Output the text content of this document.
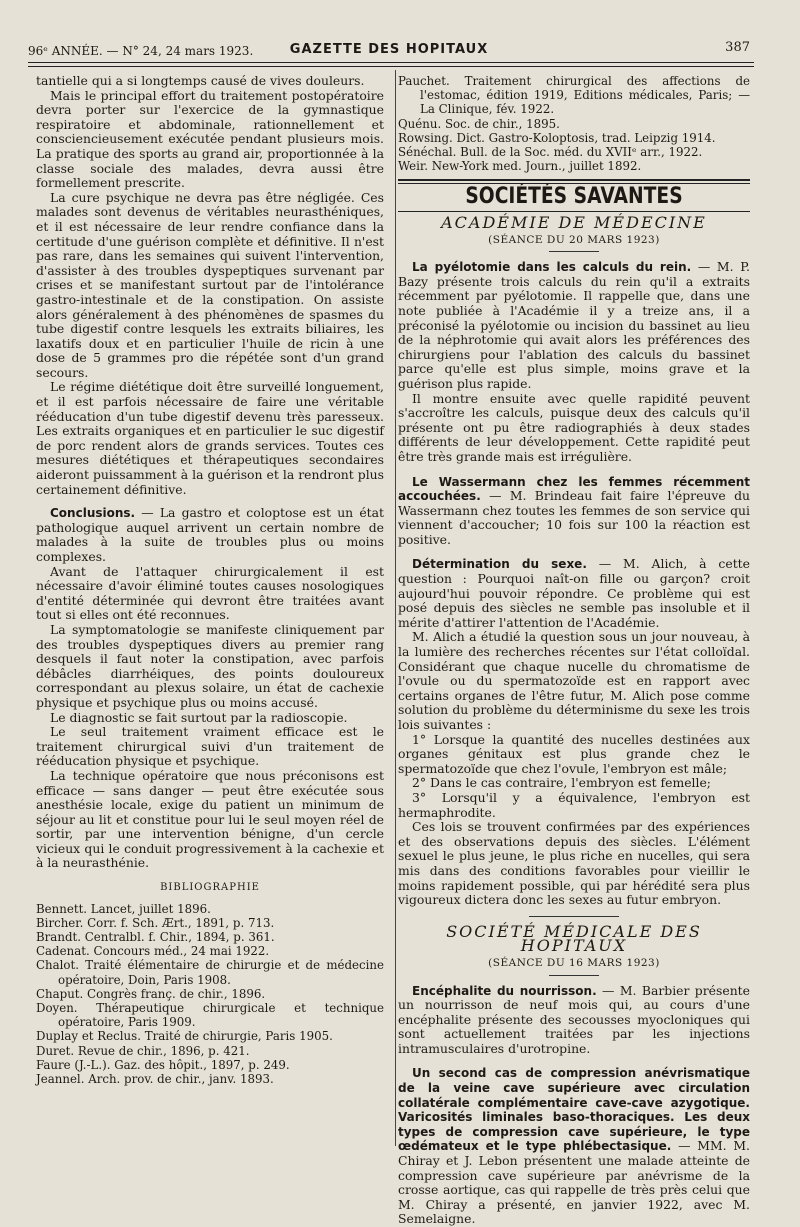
96ᵉ ANNÉE. — N° 24, 24 mars 1923.	GAZETTE DES HOPITAUX	387

tantielle qui a si longtemps causé de vives douleurs.

Mais le principal effort du traitement postopératoire devra porter sur l'exercice de la gymnastique respiratoire et abdominale, rationnellement et consciencieusement exécutée pendant plusieurs mois. La pratique des sports au grand air, proportionnée à la classe sociale des malades, devra aussi être formellement prescrite.

La cure psychique ne devra pas être négligée. Ces malades sont devenus de véritables neurasthéniques, et il est nécessaire de leur rendre confiance dans la certitude d'une guérison complète et définitive. Il n'est pas rare, dans les semaines qui suivent l'intervention, d'assister à des troubles dyspeptiques survenant par crises et se manifestant surtout par de l'intolérance gastro-intestinale et de la constipation. On assiste alors généralement à des phénomènes de spasmes du tube digestif contre lesquels les extraits biliaires, les laxatifs doux et en particulier l'huile de ricin à une dose de 5 grammes pro die répétée sont d'un grand secours.

Le régime diététique doit être surveillé longuement, et il est parfois nécessaire de faire une véritable rééducation d'un tube digestif devenu très paresseux. Les extraits organiques et en particulier le suc digestif de porc rendent alors de grands services. Toutes ces mesures diététiques et thérapeutiques secondaires aideront puissamment à la guérison et la rendront plus certainement définitive.

Conclusions. — La gastro et coloptose est un état pathologique auquel arrivent un certain nombre de malades à la suite de troubles plus ou moins complexes.

Avant de l'attaquer chirurgicalement il est nécessaire d'avoir éliminé toutes causes nosologiques d'entité déterminée qui devront être traitées avant tout si elles ont été reconnues.

La symptomatologie se manifeste cliniquement par des troubles dyspeptiques divers au premier rang desquels il faut noter la constipation, avec parfois débâcles diarrhéiques, des points douloureux correspondant au plexus solaire, un état de cachexie physique et psychique plus ou moins accusé.

Le diagnostic se fait surtout par la radioscopie.

Le seul traitement vraiment efficace est le traitement chirurgical suivi d'un traitement de rééducation physique et psychique.

La technique opératoire que nous préconisons est efficace — sans danger — peut être exécutée sous anesthésie locale, exige du patient un minimum de séjour au lit et constitue pour lui le seul moyen réel de sortir, par une intervention bénigne, d'un cercle vicieux qui le conduit progressivement à la cachexie et à la neurasthénie.

BIBLIOGRAPHIE

Bennett. Lancet, juillet 1896.

Bircher. Corr. f. Sch. Ært., 1891, p. 713.

Brandt. Centralbl. f. Chir., 1894, p. 361.

Cadenat. Concours méd., 24 mai 1922.

Chalot. Traité élémentaire de chirurgie et de médecine opératoire, Doin, Paris 1908.

Chaput. Congrès franç. de chir., 1896.

Doyen. Thérapeutique chirurgicale et technique opératoire, Paris 1909.

Duplay et Reclus. Traité de chirurgie, Paris 1905.

Duret. Revue de chir., 1896, p. 421.

Faure (J.-L.). Gaz. des hôpit., 1897, p. 249.

Jeannel. Arch. prov. de chir., janv. 1893.

Pauchet. Traitement chirurgical des affections de l'estomac, édition 1919, Editions médicales, Paris; — La Clinique, fév. 1922.

Quénu. Soc. de chir., 1895.

Rowsing. Dict. Gastro-Koloptosis, trad. Leipzig 1914.

Sénéchal. Bull. de la Soc. méd. du XVIIᵉ arr., 1922.

Weir. New-York med. Journ., juillet 1892.

SOCIÉTÉS SAVANTES
ACADÉMIE DE MÉDECINE
(SÉANCE DU 20 MARS 1923)

La pyélotomie dans les calculs du rein. — M. P. Bazy présente trois calculs du rein qu'il a extraits récemment par pyélotomie. Il rappelle que, dans une note publiée à l'Académie il y a treize ans, il a préconisé la pyélotomie ou incision du bassinet au lieu de la néphrotomie qui avait alors les préférences des chirurgiens pour l'ablation des calculs du bassinet parce qu'elle est plus simple, moins grave et la guérison plus rapide.

Il montre ensuite avec quelle rapidité peuvent s'accroître les calculs, puisque deux des calculs qu'il présente ont pu être radiographiés à deux stades différents de leur développement. Cette rapidité peut être très grande mais est irrégulière.

Le Wassermann chez les femmes récemment accouchées. — M. Brindeau fait faire l'épreuve du Wassermann chez toutes les femmes de son service qui viennent d'accoucher; 10 fois sur 100 la réaction est positive.

Détermination du sexe. — M. Alich, à cette question : Pourquoi naît-on fille ou garçon? croit aujourd'hui pouvoir répondre. Ce problème qui est posé depuis des siècles ne semble pas insoluble et il mérite d'attirer l'attention de l'Académie.

M. Alich a étudié la question sous un jour nouveau, à la lumière des recherches récentes sur l'état colloïdal. Considérant que chaque nucelle du chromatisme de l'ovule ou du spermatozoïde est en rapport avec certains organes de l'être futur, M. Alich pose comme solution du problème du déterminisme du sexe les trois lois suivantes :

1° Lorsque la quantité des nucelles destinées aux organes génitaux est plus grande chez le spermatozoïde que chez l'ovule, l'embryon est mâle;

2° Dans le cas contraire, l'embryon est femelle;

3° Lorsqu'il y a équivalence, l'embryon est hermaphrodite.

Ces lois se trouvent confirmées par des expériences et des observations depuis des siècles. L'élément sexuel le plus jeune, le plus riche en nucelles, qui sera mis dans des conditions favorables pour vieillir le moins rapidement possible, qui par hérédité sera plus vigoureux dictera donc les sexes au futur embryon.

SOCIÉTÉ MÉDICALE DES HOPITAUX
(SÉANCE DU 16 MARS 1923)

Encéphalite du nourrisson. — M. Barbier présente un nourrisson de neuf mois qui, au cours d'une encéphalite présente des secousses myocloniques qui sont actuellement traitées par les injections intramusculaires d'urotropine.

Un second cas de compression anévrismatique de la veine cave supérieure avec circulation collatérale complémentaire cave-cave azygotique. Varicosités liminales baso-thoraciques. Les deux types de compression cave supérieure, le type œdémateux et le type phlébectasique. — MM. M. Chiray et J. Lebon présentent une malade atteinte de compression cave supérieure par anévrisme de la crosse aortique, cas qui rappelle de très près celui que M. Chiray a présenté, en janvier 1922, avec M. Semelaigne.
